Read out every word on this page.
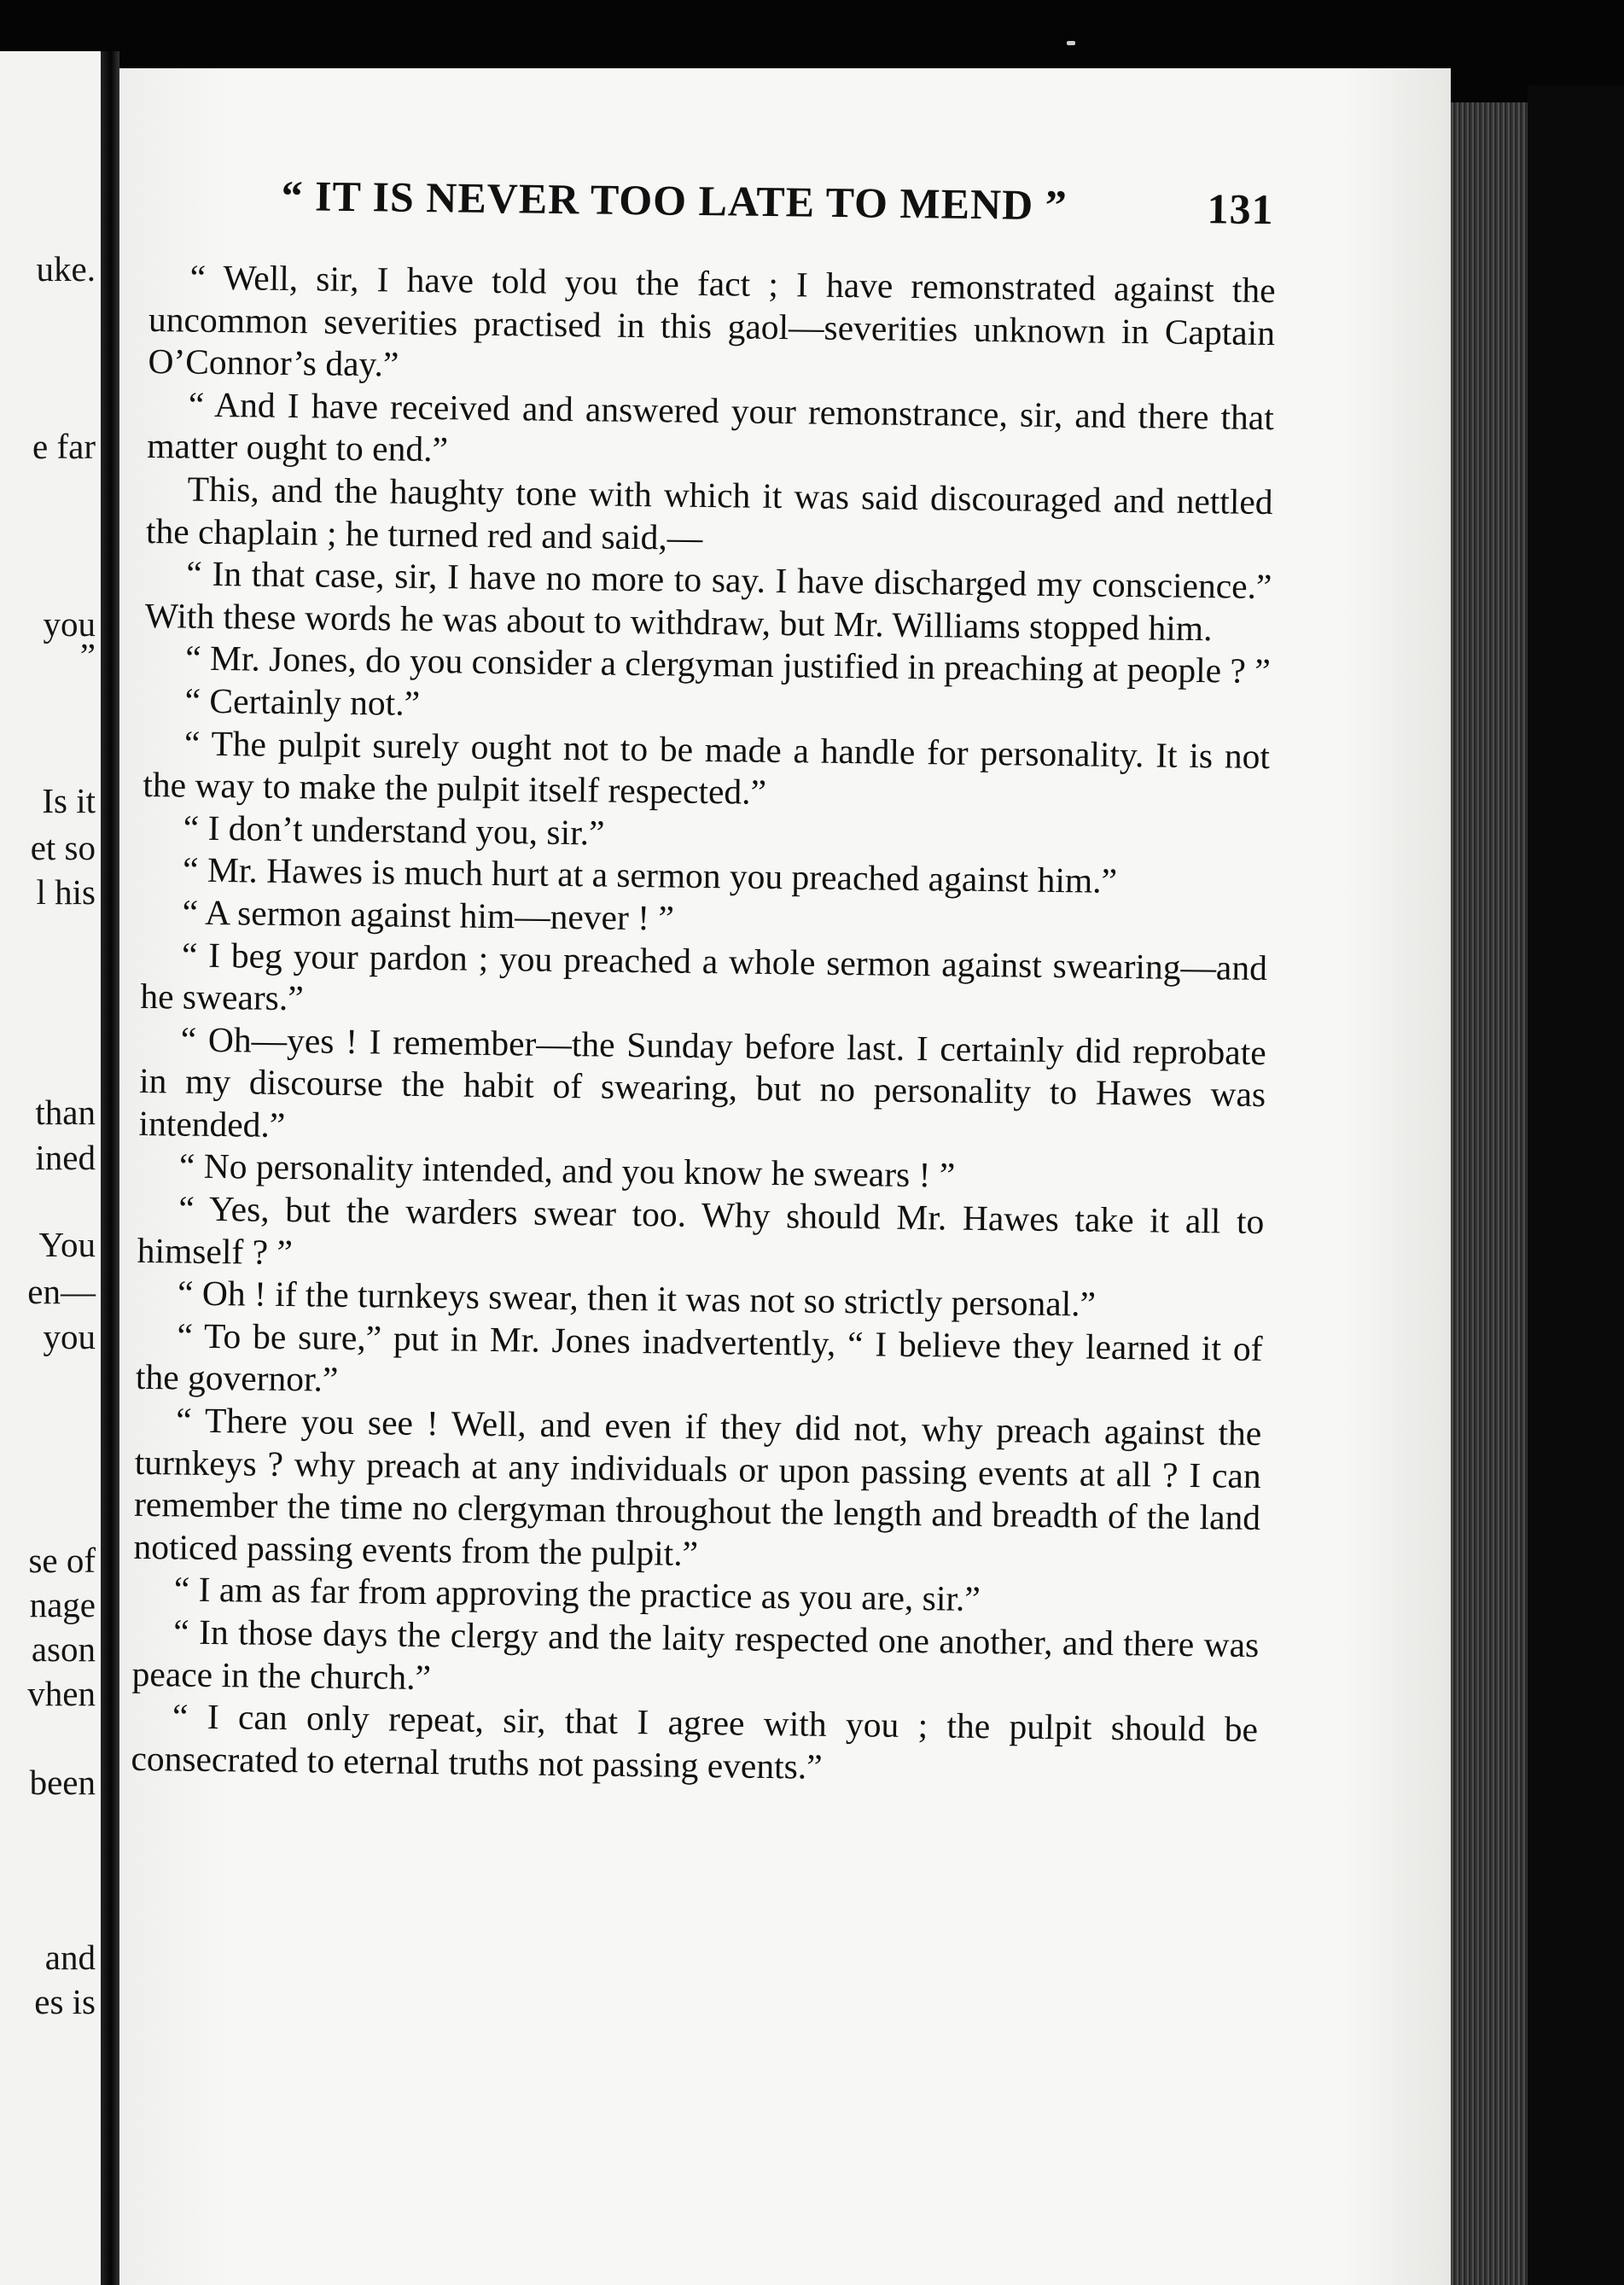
uke.
e far
you
”
Is it
et so
l his
than
ined
You
en—
you
se of
nage
ason
vhen
been
and
es is
“ IT IS NEVER TOO LATE TO MEND ”	131

“ Well, sir, I have told you the fact ; I have remonstrated against the uncommon severities practised in this gaol—severities unknown in Captain O’Connor’s day.”

“ And I have received and answered your remonstrance, sir, and there that matter ought to end.”

This, and the haughty tone with which it was said discouraged and nettled the chaplain ; he turned red and said,—

“ In that case, sir, I have no more to say. I have discharged my conscience.” With these words he was about to withdraw, but Mr. Williams stopped him.

“ Mr. Jones, do you consider a clergyman justified in preaching at people ? ”

“ Certainly not.”

“ The pulpit surely ought not to be made a handle for personality. It is not the way to make the pulpit itself respected.”

“ I don’t understand you, sir.”

“ Mr. Hawes is much hurt at a sermon you preached against him.”

“ A sermon against him—never ! ”

“ I beg your pardon ; you preached a whole sermon against swearing—and he swears.”

“ Oh—yes ! I remember—the Sunday before last. I certainly did reprobate in my discourse the habit of swearing, but no personality to Hawes was intended.”

“ No personality intended, and you know he swears ! ”

“ Yes, but the warders swear too. Why should Mr. Hawes take it all to himself ? ”

“ Oh ! if the turnkeys swear, then it was not so strictly personal.”

“ To be sure,” put in Mr. Jones inadvertently, “ I believe they learned it of the governor.”

“ There you see ! Well, and even if they did not, why preach against the turnkeys ? why preach at any individuals or upon passing events at all ? I can remember the time no clergyman throughout the length and breadth of the land noticed passing events from the pulpit.”

“ I am as far from approving the practice as you are, sir.”

“ In those days the clergy and the laity respected one another, and there was peace in the church.”

“ I can only repeat, sir, that I agree with you ; the pulpit should be consecrated to eternal truths not passing events.”
